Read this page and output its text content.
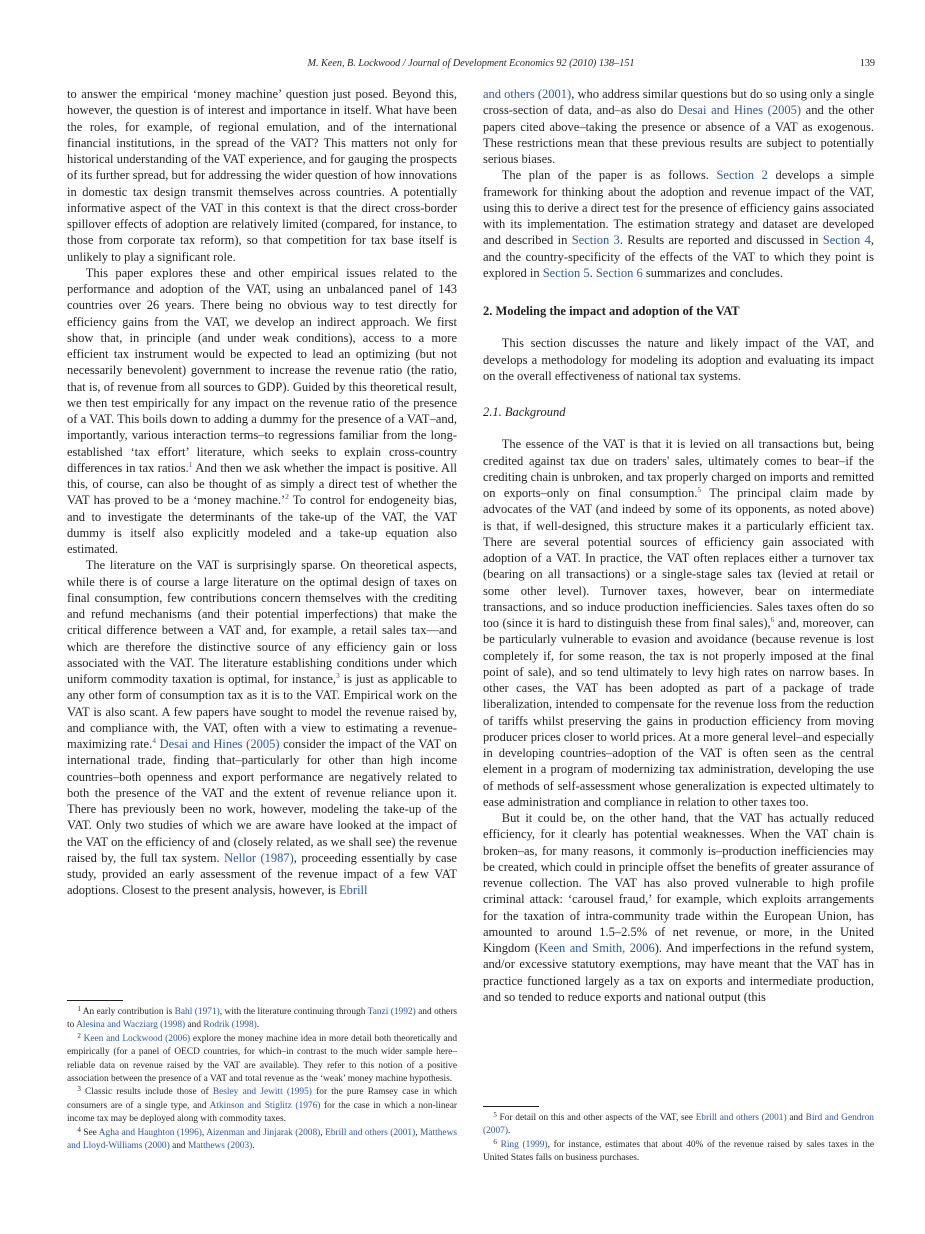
M. Keen, B. Lockwood / Journal of Development Economics 92 (2010) 138–151	139

to answer the empirical ‘money machine’ question just posed. Beyond this, however, the question is of interest and importance in itself. What have been the roles, for example, of regional emulation, and of the international financial institutions, in the spread of the VAT? This matters not only for historical understanding of the VAT experience, and for gauging the prospects of its further spread, but for addressing the wider question of how innovations in domestic tax design transmit themselves across countries. A potentially informative aspect of the VAT in this context is that the direct cross-border spillover effects of adoption are relatively limited (compared, for instance, to those from corporate tax reform), so that competition for tax base itself is unlikely to play a significant role.

This paper explores these and other empirical issues related to the performance and adoption of the VAT, using an unbalanced panel of 143 countries over 26 years. There being no obvious way to test directly for efficiency gains from the VAT, we develop an indirect approach. We first show that, in principle (and under weak conditions), access to a more efficient tax instrument would be expected to lead an optimizing (but not necessarily benevolent) government to increase the revenue ratio (the ratio, that is, of revenue from all sources to GDP). Guided by this theoretical result, we then test empirically for any impact on the revenue ratio of the presence of a VAT. This boils down to adding a dummy for the presence of a VAT–and, importantly, various interaction terms–to regressions familiar from the long-established ‘tax effort’ literature, which seeks to explain cross-country differences in tax ratios.$^1$ And then we ask whether the impact is positive. All this, of course, can also be thought of as simply a direct test of whether the VAT has proved to be a ‘money machine.’$^2$ To control for endogeneity bias, and to investigate the determinants of the take-up of the VAT, the VAT dummy is itself also explicitly modeled and a take-up equation also estimated.

The literature on the VAT is surprisingly sparse. On theoretical aspects, while there is of course a large literature on the optimal design of taxes on final consumption, few contributions concern themselves with the crediting and refund mechanisms (and their potential imperfections) that make the critical difference between a VAT and, for example, a retail sales tax—and which are therefore the distinctive source of any efficiency gain or loss associated with the VAT. The literature establishing conditions under which uniform commodity taxation is optimal, for instance,$^3$ is just as applicable to any other form of consumption tax as it is to the VAT. Empirical work on the VAT is also scant. A few papers have sought to model the revenue raised by, and compliance with, the VAT, often with a view to estimating a revenue-maximizing rate.$^4$ Desai and Hines (2005) consider the impact of the VAT on international trade, finding that–particularly for other than high income countries–both openness and export performance are negatively related to both the presence of the VAT and the extent of revenue reliance upon it. There has previously been no work, however, modeling the take-up of the VAT. Only two studies of which we are aware have looked at the impact of the VAT on the efficiency of and (closely related, as we shall see) the revenue raised by, the full tax system. Nellor (1987), proceeding essentially by case study, provided an early assessment of the revenue impact of a few VAT adoptions. Closest to the present analysis, however, is Ebrill

and others (2001), who address similar questions but do so using only a single cross-section of data, and–as also do Desai and Hines (2005) and the other papers cited above–taking the presence or absence of a VAT as exogenous. These restrictions mean that these previous results are subject to potentially serious biases.

The plan of the paper is as follows. Section 2 develops a simple framework for thinking about the adoption and revenue impact of the VAT, using this to derive a direct test for the presence of efficiency gains associated with its implementation. The estimation strategy and dataset are developed and described in Section 3. Results are reported and discussed in Section 4, and the country-specificity of the effects of the VAT to which they point is explored in Section 5. Section 6 summarizes and concludes.

2. Modeling the impact and adoption of the VAT

This section discusses the nature and likely impact of the VAT, and develops a methodology for modeling its adoption and evaluating its impact on the overall effectiveness of national tax systems.

2.1. Background

The essence of the VAT is that it is levied on all transactions but, being credited against tax due on traders' sales, ultimately comes to bear–if the crediting chain is unbroken, and tax properly charged on imports and remitted on exports–only on final consumption.$^5$ The principal claim made by advocates of the VAT (and indeed by some of its opponents, as noted above) is that, if well-designed, this structure makes it a particularly efficient tax. There are several potential sources of efficiency gain associated with adoption of a VAT. In practice, the VAT often replaces either a turnover tax (bearing on all transactions) or a single-stage sales tax (levied at retail or some other level). Turnover taxes, however, bear on intermediate transactions, and so induce production inefficiencies. Sales taxes often do so too (since it is hard to distinguish these from final sales),$^6$ and, moreover, can be particularly vulnerable to evasion and avoidance (because revenue is lost completely if, for some reason, the tax is not properly imposed at the final point of sale), and so tend ultimately to levy high rates on narrow bases. In other cases, the VAT has been adopted as part of a package of trade liberalization, intended to compensate for the revenue loss from the reduction of tariffs whilst preserving the gains in production efficiency from moving producer prices closer to world prices. At a more general level–and especially in developing countries–adoption of the VAT is often seen as the central element in a program of modernizing tax administration, developing the use of methods of self-assessment whose generalization is expected ultimately to ease administration and compliance in relation to other taxes too.

But it could be, on the other hand, that the VAT has actually reduced efficiency, for it clearly has potential weaknesses. When the VAT chain is broken–as, for many reasons, it commonly is–production inefficiencies may be created, which could in principle offset the benefits of greater assurance of revenue collection. The VAT has also proved vulnerable to high profile criminal attack: ‘carousel fraud,’ for example, which exploits arrangements for the taxation of intra-community trade within the European Union, has amounted to around 1.5–2.5% of net revenue, or more, in the United Kingdom (Keen and Smith, 2006). And imperfections in the refund system, and/or excessive statutory exemptions, may have meant that the VAT has in practice functioned largely as a tax on exports and intermediate production, and so tended to reduce exports and national output (this

$^1$ An early contribution is Bahl (1971), with the literature continuing through Tanzi (1992) and others to Alesina and Wacziarg (1998) and Rodrik (1998).

$^2$ Keen and Lockwood (2006) explore the money machine idea in more detail both theoretically and empirically (for a panel of OECD countries, for which–in contrast to the much wider sample here–reliable data on revenue raised by the VAT are available). They refer to this notion of a positive association between the presence of a VAT and total revenue as the ‘weak’ money machine hypothesis.

$^3$ Classic results include those of Besley and Jewitt (1995) for the pure Ramsey case in which consumers are of a single type, and Atkinson and Stiglitz (1976) for the case in which a non-linear income tax may be deployed along with commodity taxes.

$^4$ See Agha and Haughton (1996), Aizenman and Jinjarak (2008), Ebrill and others (2001), Matthews and Lloyd-Williams (2000) and Matthews (2003).

$^5$ For detail on this and other aspects of the VAT, see Ebrill and others (2001) and Bird and Gendron (2007).

$^6$ Ring (1999), for instance, estimates that about 40% of the revenue raised by sales taxes in the United States falls on business purchases.
